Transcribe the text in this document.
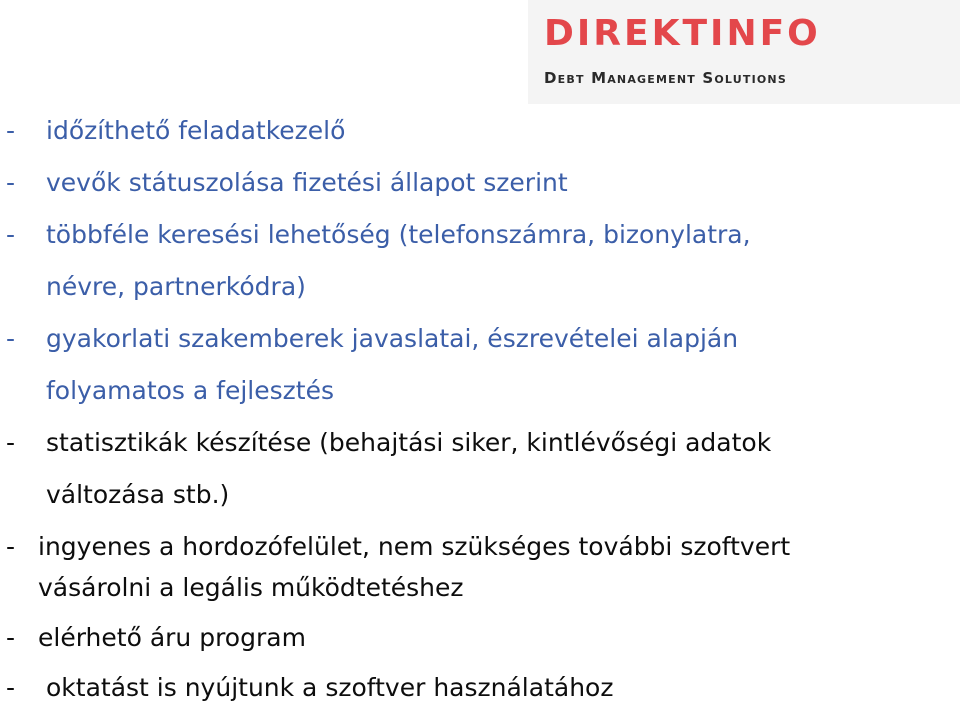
DIREKTINFO
Debt Management Solutions
- időzíthető feladatkezelő
- vevők státuszolása fizetési állapot szerint
- többféle keresési lehetőség (telefonszámra, bizonylatra,
névre, partnerkódra)
- gyakorlati szakemberek javaslatai, észrevételei alapján
folyamatos a fejlesztés
- statisztikák készítése (behajtási siker, kintlévőségi adatok
változása stb.)
- ingyenes a hordozófelület, nem szükséges további szoftvert
vásárolni a legális működtetéshez
- elérhető áru program
- oktatást is nyújtunk a szoftver használatához
